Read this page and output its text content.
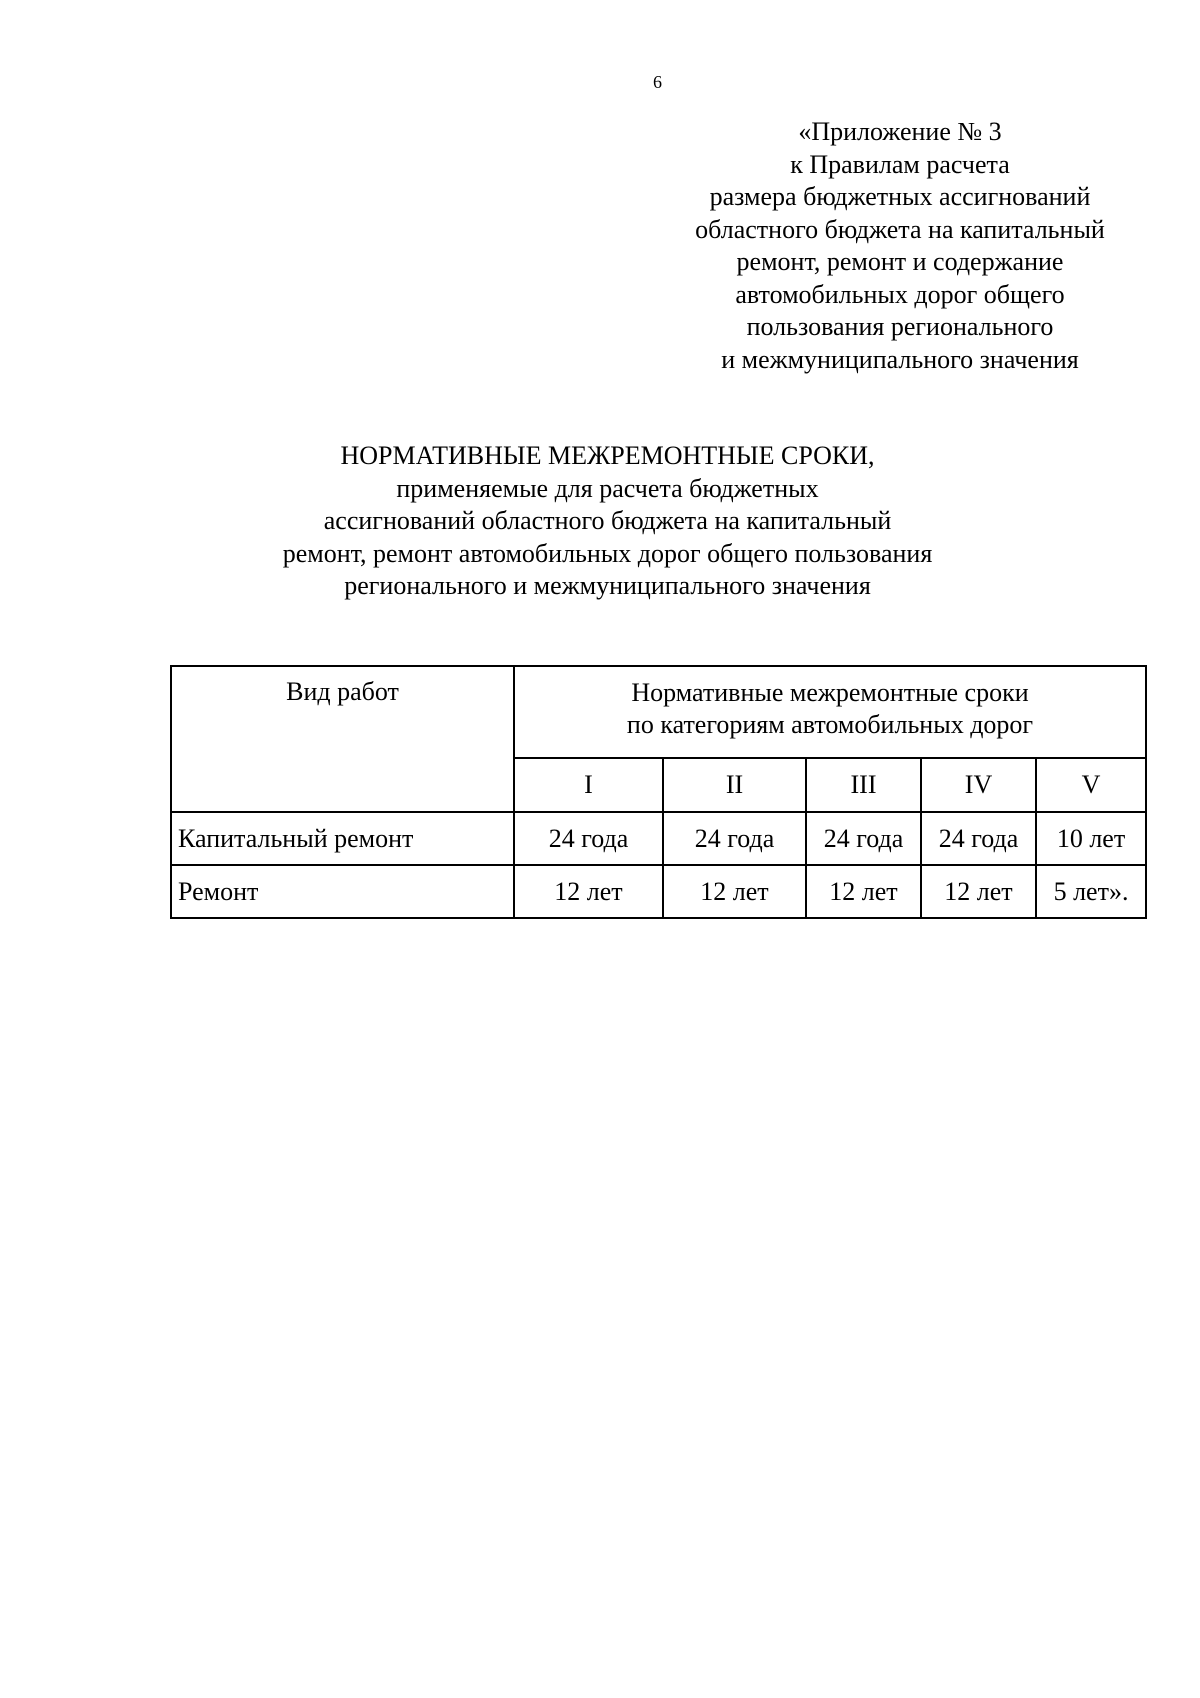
6
«Приложение № 3
к Правилам расчета
размера бюджетных ассигнований
областного бюджета на капитальный
ремонт, ремонт и содержание
автомобильных дорог общего
пользования регионального
и межмуниципального значения
НОРМАТИВНЫЕ МЕЖРЕМОНТНЫЕ СРОКИ,
применяемые для расчета бюджетных
ассигнований областного бюджета на капитальный
ремонт, ремонт автомобильных дорог общего пользования
регионального и межмуниципального значения
Вид работ	Нормативные межремонтные сроки
по категориям автомобильных дорог				

	I	II	III	IV	V
Капитальный ремонт	24 года	24 года	24 года	24 года	10 лет
Ремонт	12 лет	12 лет	12 лет	12 лет	5 лет».
